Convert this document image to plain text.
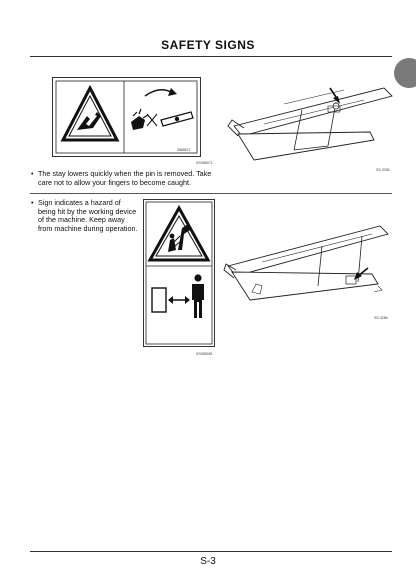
SAFETY SIGNS
3568871
SSS88071
SS-3285
• The stay lowers quickly when the pin is removed. Take care not to allow your fingers to become caught.
• Sign indicates a hazard of being hit by the working device of the machine. Keep away from machine during operation.
SSS88081
SS-3286
S-3
